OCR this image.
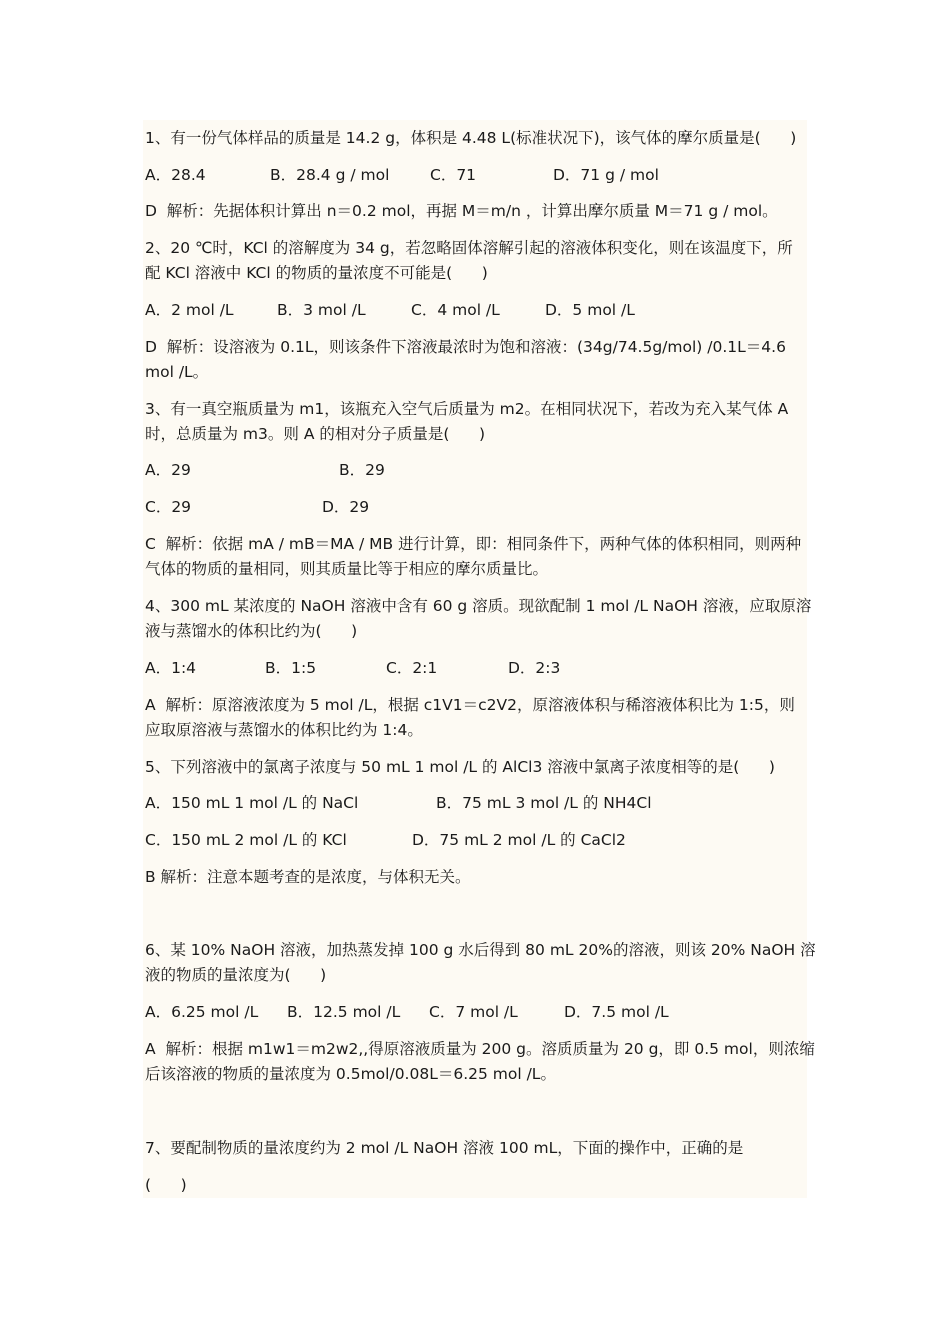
1、有一份气体样品的质量是 14.2 g，体积是 4.48 L(标准状况下)，该气体的摩尔质量是(      )
A．28.4	B．28.4 g / mol	C．71	D．71 g / mol
D  解析：先据体积计算出 n＝0.2 mol，再据 M＝m/n ，计算出摩尔质量 M＝71 g / mol。
2、20 ℃时，KCl 的溶解度为 34 g，若忽略固体溶解引起的溶液体积变化，则在该温度下，所
配 KCl 溶液中 KCl 的物质的量浓度不可能是(      )
A．2 mol /L	B．3 mol /L	C．4 mol /L	D．5 mol /L
D  解析：设溶液为 0.1L，则该条件下溶液最浓时为饱和溶液：(34g/74.5g/mol) /0.1L＝4.6
mol /L。
3、有一真空瓶质量为 m1，该瓶充入空气后质量为 m2。在相同状况下，若改为充入某气体 A
时，总质量为 m3。则 A 的相对分子质量是(      )
A．29	B．29
C．29	D．29
C  解析：依据 mA / mB＝MA / MB 进行计算，即：相同条件下，两种气体的体积相同，则两种
气体的物质的量相同，则其质量比等于相应的摩尔质量比。
4、300 mL 某浓度的 NaOH 溶液中含有 60 g 溶质。现欲配制 1 mol /L NaOH 溶液，应取原溶
液与蒸馏水的体积比约为(      )
A．1:4	B．1:5	C．2:1	D．2:3
A  解析：原溶液浓度为 5 mol /L，根据 c1V1＝c2V2，原溶液体积与稀溶液体积比为 1:5，则
应取原溶液与蒸馏水的体积比约为 1:4。
5、下列溶液中的氯离子浓度与 50 mL 1 mol /L 的 AlCl3 溶液中氯离子浓度相等的是(      )
A．150 mL 1 mol /L 的 NaCl	B．75 mL 3 mol /L 的 NH4Cl
C．150 mL 2 mol /L 的 KCl	D．75 mL 2 mol /L 的 CaCl2
B 解析：注意本题考查的是浓度，与体积无关。
6、某 10% NaOH 溶液，加热蒸发掉 100 g 水后得到 80 mL 20%的溶液，则该 20% NaOH 溶
液的物质的量浓度为(      )
A．6.25 mol /L B．12.5 mol /L C．7 mol /L	D．7.5 mol /L
A  解析：根据 m1w1＝m2w2,,得原溶液质量为 200 g。溶质质量为 20 g，即 0.5 mol，则浓缩
后该溶液的物质的量浓度为 0.5mol/0.08L＝6.25 mol /L。
7、要配制物质的量浓度约为 2 mol /L NaOH 溶液 100 mL，下面的操作中，正确的是
(      )
